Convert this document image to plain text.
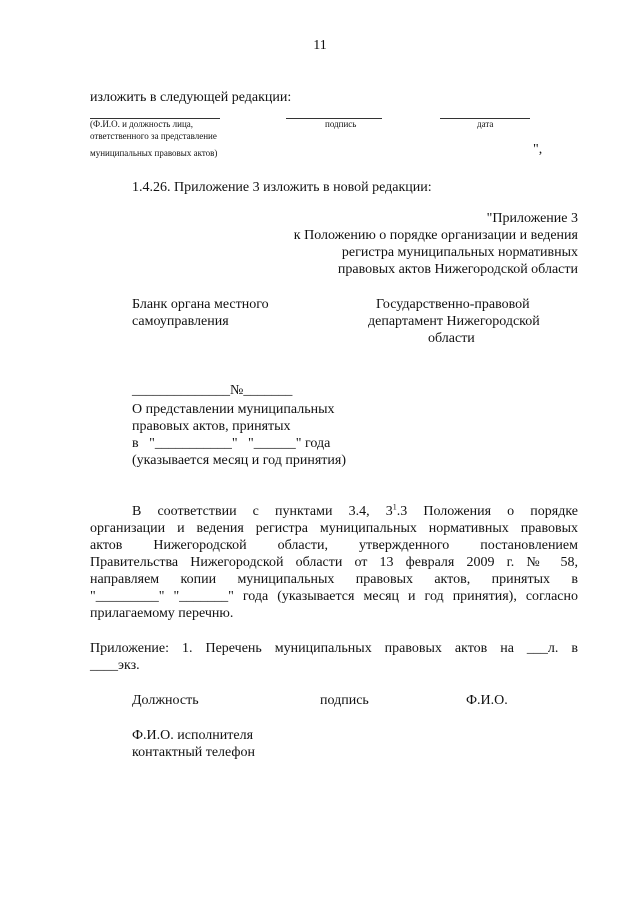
11
изложить в следующей редакции:
(Ф.И.О. и должность лица,	подпись	дата
ответственного за представление
муниципальных правовых актов)	",
1.4.26. Приложение 3 изложить в новой редакции:
"Приложение 3
к Положению о порядке организации и ведения
регистра муниципальных нормативных
правовых актов Нижегородской области
Бланк органа местного
самоуправления
Государственно-правовой
департамент Нижегородской
области
______________№_______
О представлении муниципальных
правовых актов, принятых
в   "___________"   "______" года
(указывается месяц и год принятия)
В соответствии с пунктами 3.4, $3^1.3$ Положения о порядке
организации и ведения регистра муниципальных нормативных правовых
актов Нижегородской области, утвержденного постановлением
Правительства Нижегородской области от 13 февраля 2009 г. № 58,
направляем копии муниципальных правовых актов, принятых в
"_________" "_______" года (указывается месяц и год принятия), согласно
прилагаемому перечню.
Приложение: 1. Перечень муниципальных правовых актов на ___л. в
____экз.
Должность	подпись	Ф.И.О.
Ф.И.О. исполнителя
контактный телефон
